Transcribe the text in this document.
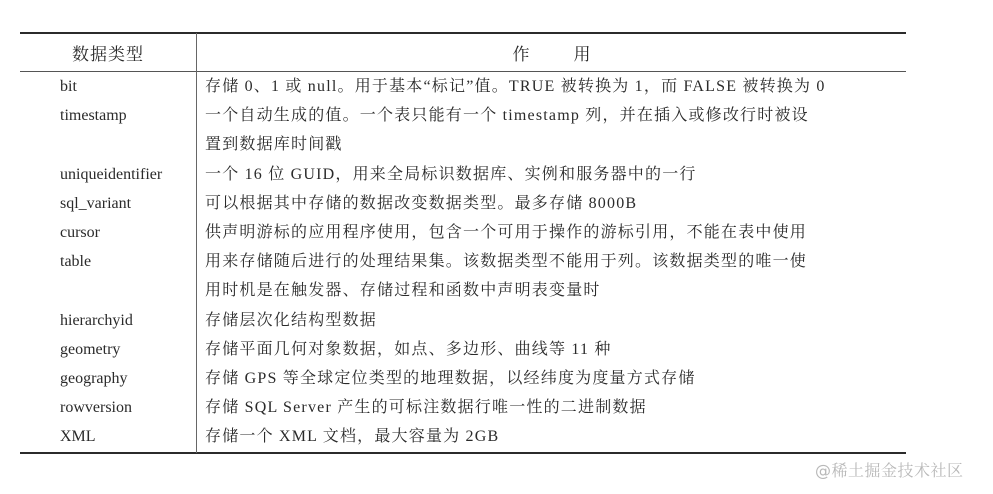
数据类型	作用
bit	存储 0、1 或 null。用于基本“标记”值。TRUE 被转换为 1，而 FALSE 被转换为 0
timestamp	一个自动生成的值。一个表只能有一个 timestamp 列，并在插入或修改行时被设
置到数据库时间戳
uniqueidentifier	一个 16 位 GUID，用来全局标识数据库、实例和服务器中的一行
sql_variant	可以根据其中存储的数据改变数据类型。最多存储 8000B
cursor	供声明游标的应用程序使用，包含一个可用于操作的游标引用，不能在表中使用
table	用来存储随后进行的处理结果集。该数据类型不能用于列。该数据类型的唯一使
用时机是在触发器、存储过程和函数中声明表变量时
hierarchyid	存储层次化结构型数据
geometry	存储平面几何对象数据，如点、多边形、曲线等 11 种
geography	存储 GPS 等全球定位类型的地理数据，以经纬度为度量方式存储
rowversion	存储 SQL Server 产生的可标注数据行唯一性的二进制数据
XML	存储一个 XML 文档，最大容量为 2GB
@稀土掘金技术社区
